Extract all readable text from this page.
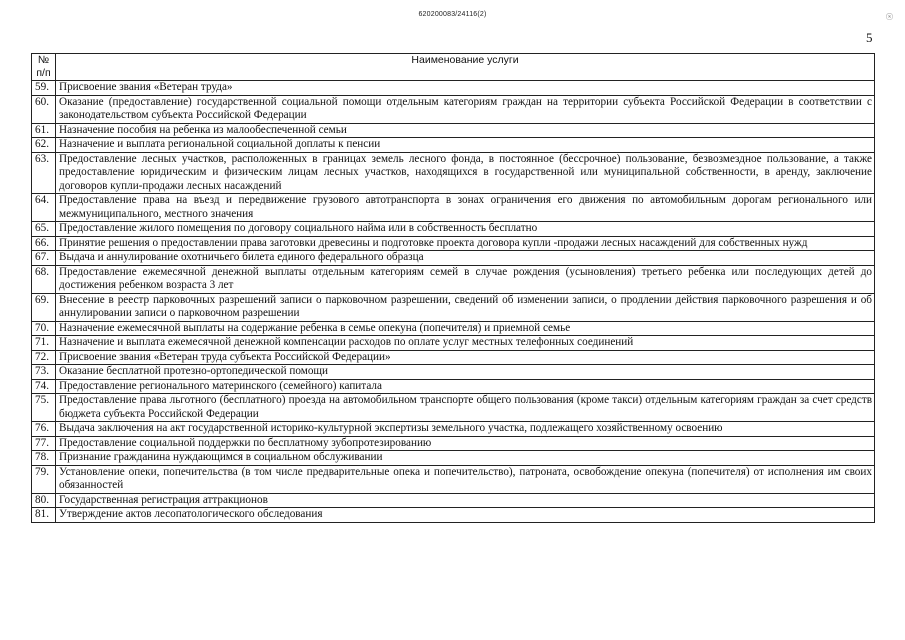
620200083/24116(2)	ⓢ
5
№
п/п	Наименование услуги
59.	Присвоение звания «Ветеран труда»
60.	Оказание (предоставление) государственной социальной помощи отдельным категориям граждан на территории субъекта Российской Федерации в соответствии с законодательством субъекта Российской Федерации
61.	Назначение пособия на ребенка из малообеспеченной семьи
62.	Назначение и выплата региональной социальной доплаты к пенсии
63.	Предоставление лесных участков, расположенных в границах земель лесного фонда, в постоянное (бессрочное) пользование, безвозмездное пользование, а также предоставление юридическим и физическим лицам лесных участков, находящихся в государственной или муниципальной собственности, в аренду, заключение договоров купли-продажи лесных насаждений
64.	Предоставление права на въезд и передвижение грузового автотранспорта в зонах ограничения его движения по автомобильным дорогам регионального или межмуниципального, местного значения
65.	Предоставление жилого помещения по договору социального найма или в собственность бесплатно
66.	Принятие решения о предоставлении права заготовки древесины и подготовке проекта договора купли -продажи лесных насаждений для собственных нужд
67.	Выдача и аннулирование охотничьего билета единого федерального образца
68.	Предоставление ежемесячной денежной выплаты отдельным категориям семей в случае рождения (усыновления) третьего ребенка или последующих детей до достижения ребенком возраста 3 лет
69.	Внесение в реестр парковочных разрешений записи о парковочном разрешении, сведений об изменении записи, о продлении действия парковочного разрешения и об аннулировании записи о парковочном разрешении
70.	Назначение ежемесячной выплаты на содержание ребенка в семье опекуна (попечителя) и приемной семье
71.	Назначение и выплата ежемесячной денежной компенсации расходов по оплате услуг местных телефонных соединений
72.	Присвоение звания «Ветеран труда субъекта Российской Федерации»
73.	Оказание бесплатной протезно-ортопедической помощи
74.	Предоставление регионального материнского (семейного) капитала
75.	Предоставление права льготного (бесплатного) проезда на автомобильном транспорте общего пользования (кроме такси) отдельным категориям граждан за счет средств бюджета субъекта Российской Федерации
76.	Выдача заключения на акт государственной историко-культурной экспертизы земельного участка, подлежащего хозяйственному освоению
77.	Предоставление социальной поддержки по бесплатному зубопротезированию
78.	Признание гражданина нуждающимся в социальном обслуживании
79.	Установление опеки, попечительства (в том числе предварительные опека и попечительство), патроната, освобождение опекуна (попечителя) от исполнения им своих обязанностей
80.	Государственная регистрация аттракционов
81.	Утверждение актов лесопатологического обследования
